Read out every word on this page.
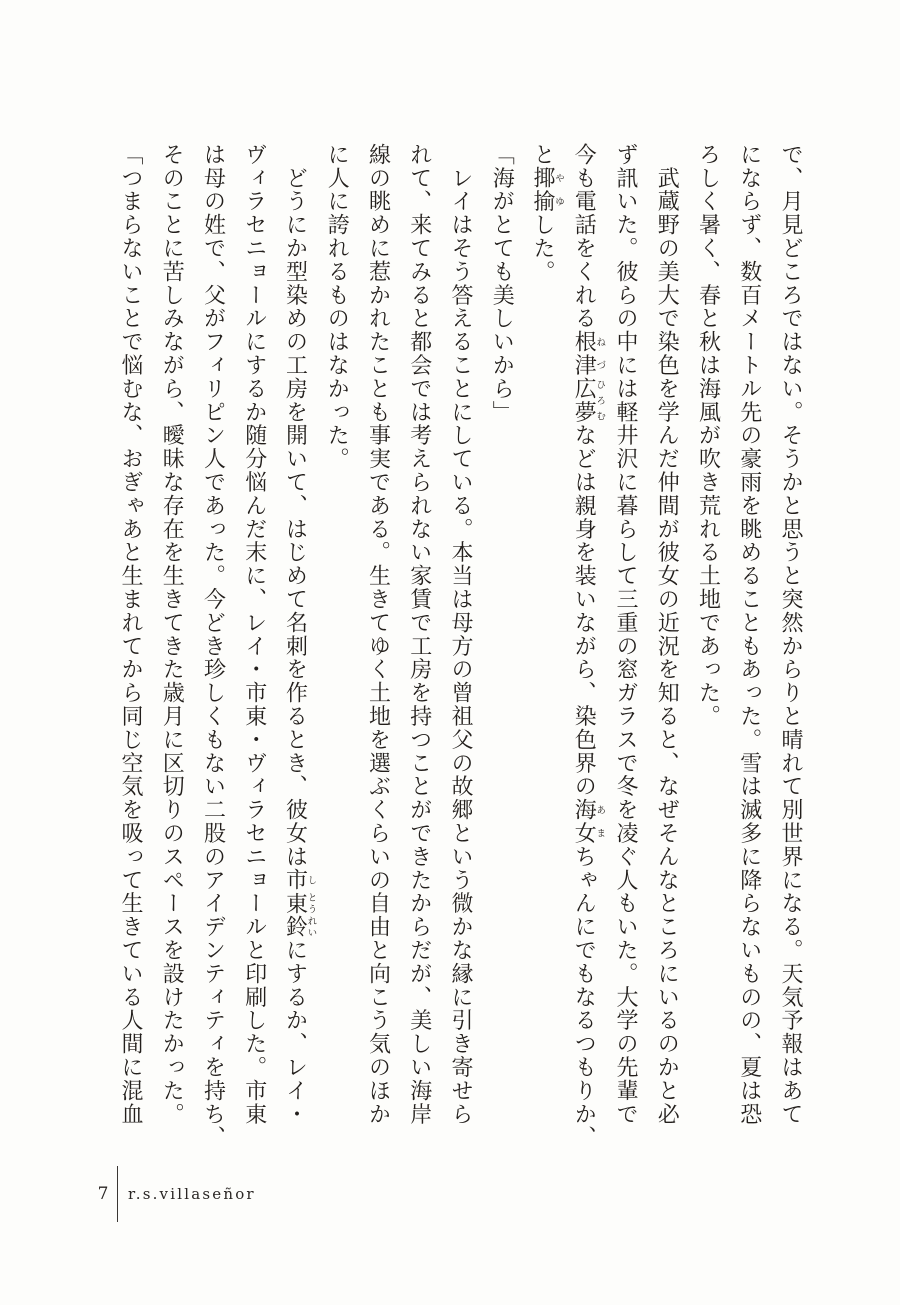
で、月見どころではない。そうかと思うと突然からりと晴れて別世界になる。天気予報はあて
にならず、数百メートル先の豪雨を眺めることもあった。雪は滅多に降らないものの、夏は恐
ろしく暑く、春と秋は海風が吹き荒れる土地であった。
　武蔵野の美大で染色を学んだ仲間が彼女の近況を知ると、なぜそんなところにいるのかと必
ず訊いた。彼らの中には軽井沢に暮らして三重の窓ガラスで冬を凌ぐ人もいた。大学の先輩で
今も電話をくれる根津ねづ広夢ひろむなどは親身を装いながら、染色界の海女あまちゃんにでもなるつもりか、
と揶揄やゆした。
「海がとても美しいから」
　レイはそう答えることにしている。本当は母方の曾祖父の故郷という微かな縁に引き寄せら
れて、来てみると都会では考えられない家賃で工房を持つことができたからだが、美しい海岸
線の眺めに惹かれたことも事実である。生きてゆく土地を選ぶくらいの自由と向こう気のほか
に人に誇れるものはなかった。
　どうにか型染めの工房を開いて、はじめて名刺を作るとき、彼女は市し東とう鈴れいにするか、レイ・
ヴィラセニョールにするか随分悩んだ末に、レイ・市東・ヴィラセニョールと印刷した。市東
は母の姓で、父がフィリピン人であった。今どき珍しくもない二股のアイデンティティを持ち、
そのことに苦しみながら、曖昧な存在を生きてきた歳月に区切りのスペースを設けたかった。
「つまらないことで悩むな、おぎゃあと生まれてから同じ空気を吸って生きている人間に混血
7 r.s.villaseñor
